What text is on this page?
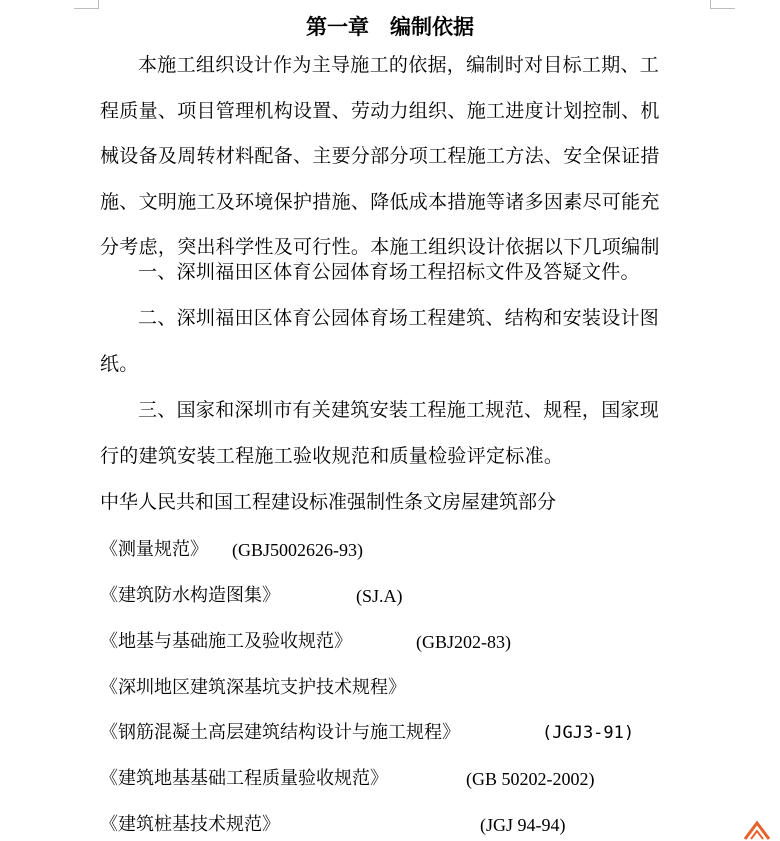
第一章　编制依据
本施工组织设计作为主导施工的依据，编制时对目标工期、工
程质量、项目管理机构设置、劳动力组织、施工进度计划控制、机
械设备及周转材料配备、主要分部分项工程施工方法、安全保证措
施、文明施工及环境保护措施、降低成本措施等诸多因素尽可能充
分考虑，突出科学性及可行性。本施工组织设计依据以下几项编制
一、深圳福田区体育公园体育场工程招标文件及答疑文件。
二、深圳福田区体育公园体育场工程建筑、结构和安装设计图
纸。
三、国家和深圳市有关建筑安装工程施工规范、规程，国家现
行的建筑安装工程施工验收规范和质量检验评定标准。
中华人民共和国工程建设标准强制性条文房屋建筑部分
《测量规范》 (GBJ5002626-93)
《建筑防水构造图集》	(SJ.A)
《地基与基础施工及验收规范》	(GBJ202-83)
《深圳地区建筑深基坑支护技术规程》
《钢筋混凝土高层建筑结构设计与施工规程》	(JGJ3-91)
《建筑地基基础工程质量验收规范》	(GB 50202-2002)
《建筑桩基技术规范》	(JGJ 94-94)
